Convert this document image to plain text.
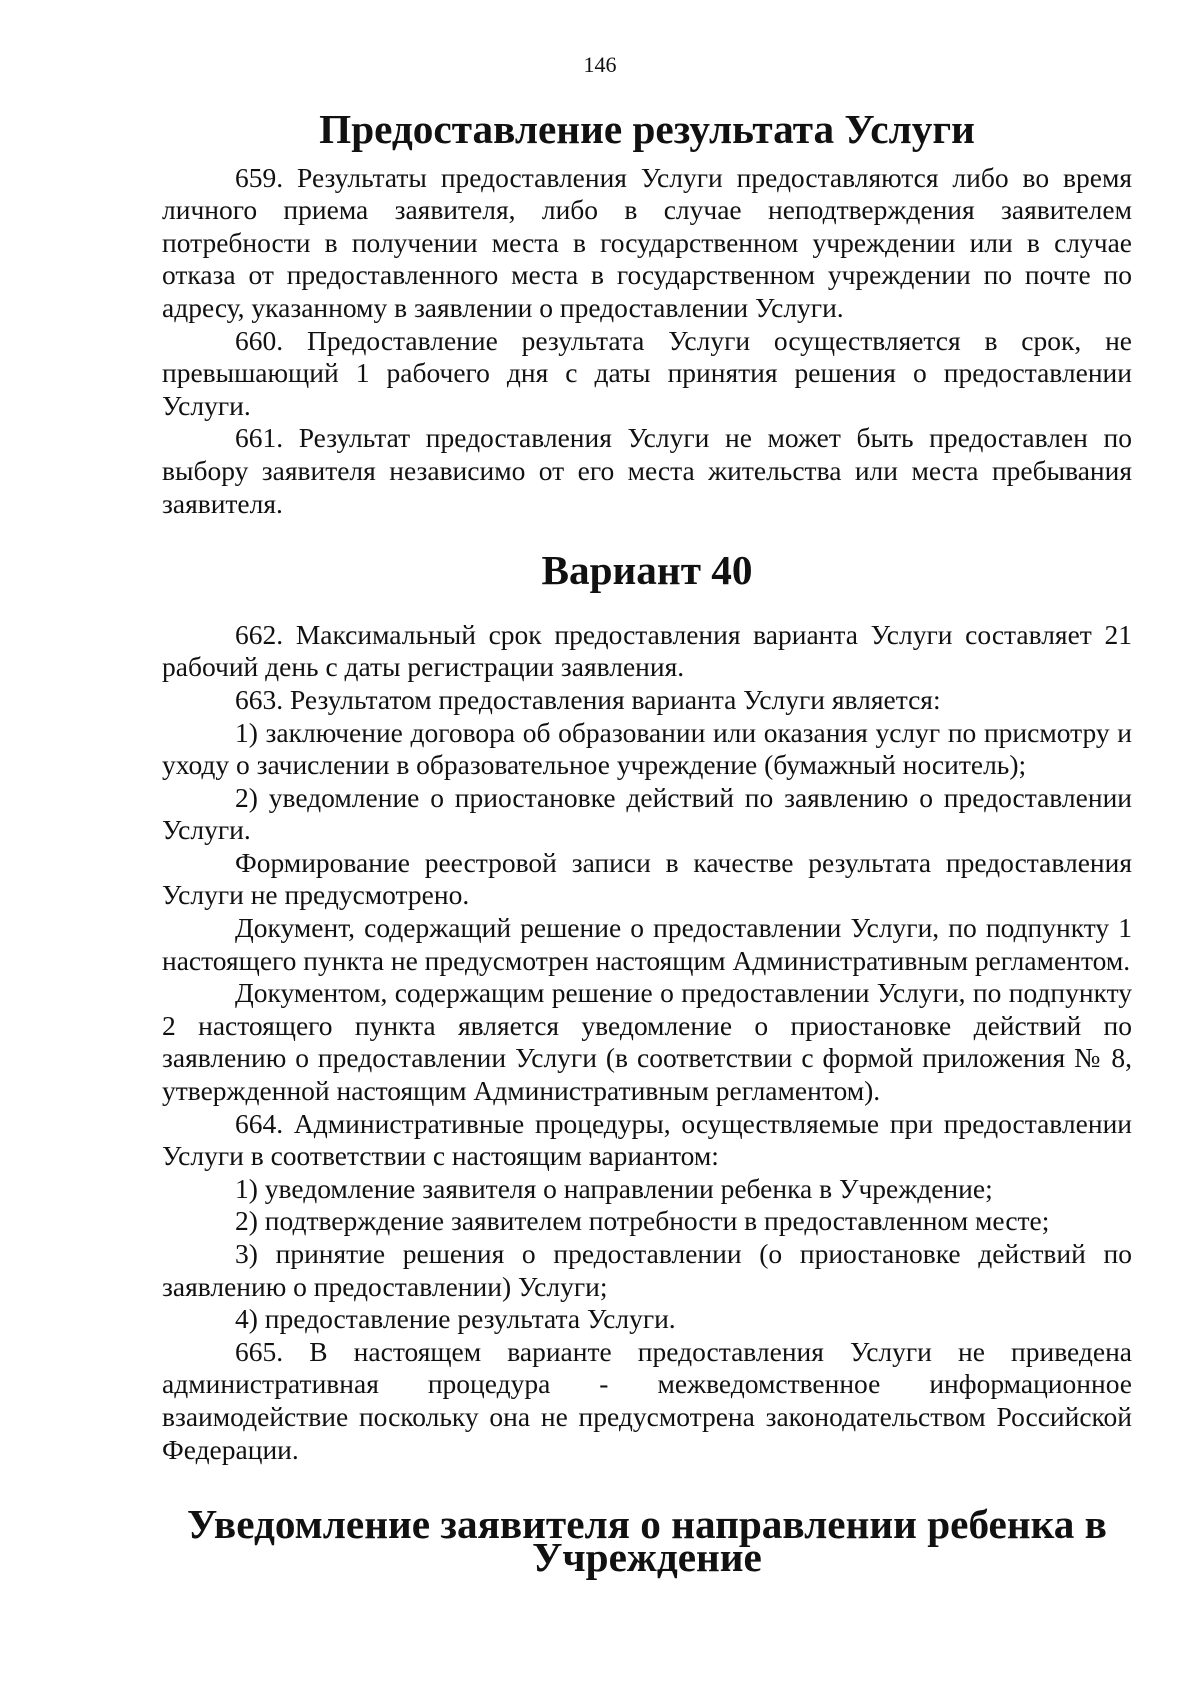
146
Предоставление результата Услуги

659. Результаты предоставления Услуги предоставляются либо во время личного приема заявителя, либо в случае неподтверждения заявителем потребности в получении места в государственном учреждении или в случае отказа от предоставленного места в государственном учреждении по почте по адресу, указанному в заявлении о предоставлении Услуги.

660. Предоставление результата Услуги осуществляется в срок, не превышающий 1 рабочего дня с даты принятия решения о предоставлении Услуги.

661. Результат предоставления Услуги не может быть предоставлен по выбору заявителя независимо от его места жительства или места пребывания заявителя.

Вариант 40

662. Максимальный срок предоставления варианта Услуги составляет 21 рабочий день с даты регистрации заявления.

663. Результатом предоставления варианта Услуги является:

1) заключение договора об образовании или оказания услуг по присмотру и уходу о зачислении в образовательное учреждение (бумажный носитель);

2) уведомление о приостановке действий по заявлению о предоставлении Услуги.

Формирование реестровой записи в качестве результата предоставления Услуги не предусмотрено.

Документ, содержащий решение о предоставлении Услуги, по подпункту 1 настоящего пункта не предусмотрен настоящим Административным регламентом.

Документом, содержащим решение о предоставлении Услуги, по подпункту 2 настоящего пункта является уведомление о приостановке действий по заявлению о предоставлении Услуги (в соответствии с формой приложения № 8, утвержденной настоящим Административным регламентом).

664. Административные процедуры, осуществляемые при предоставлении Услуги в соответствии с настоящим вариантом:

1) уведомление заявителя о направлении ребенка в Учреждение;

2) подтверждение заявителем потребности в предоставленном месте;

3) принятие решения о предоставлении (о приостановке действий по заявлению о предоставлении) Услуги;

4) предоставление результата Услуги.

665. В настоящем варианте предоставления Услуги не приведена административная процедура - межведомственное информационное взаимодействие поскольку она не предусмотрена законодательством Российской Федерации.

Уведомление заявителя о направлении ребенка в Учреждение
